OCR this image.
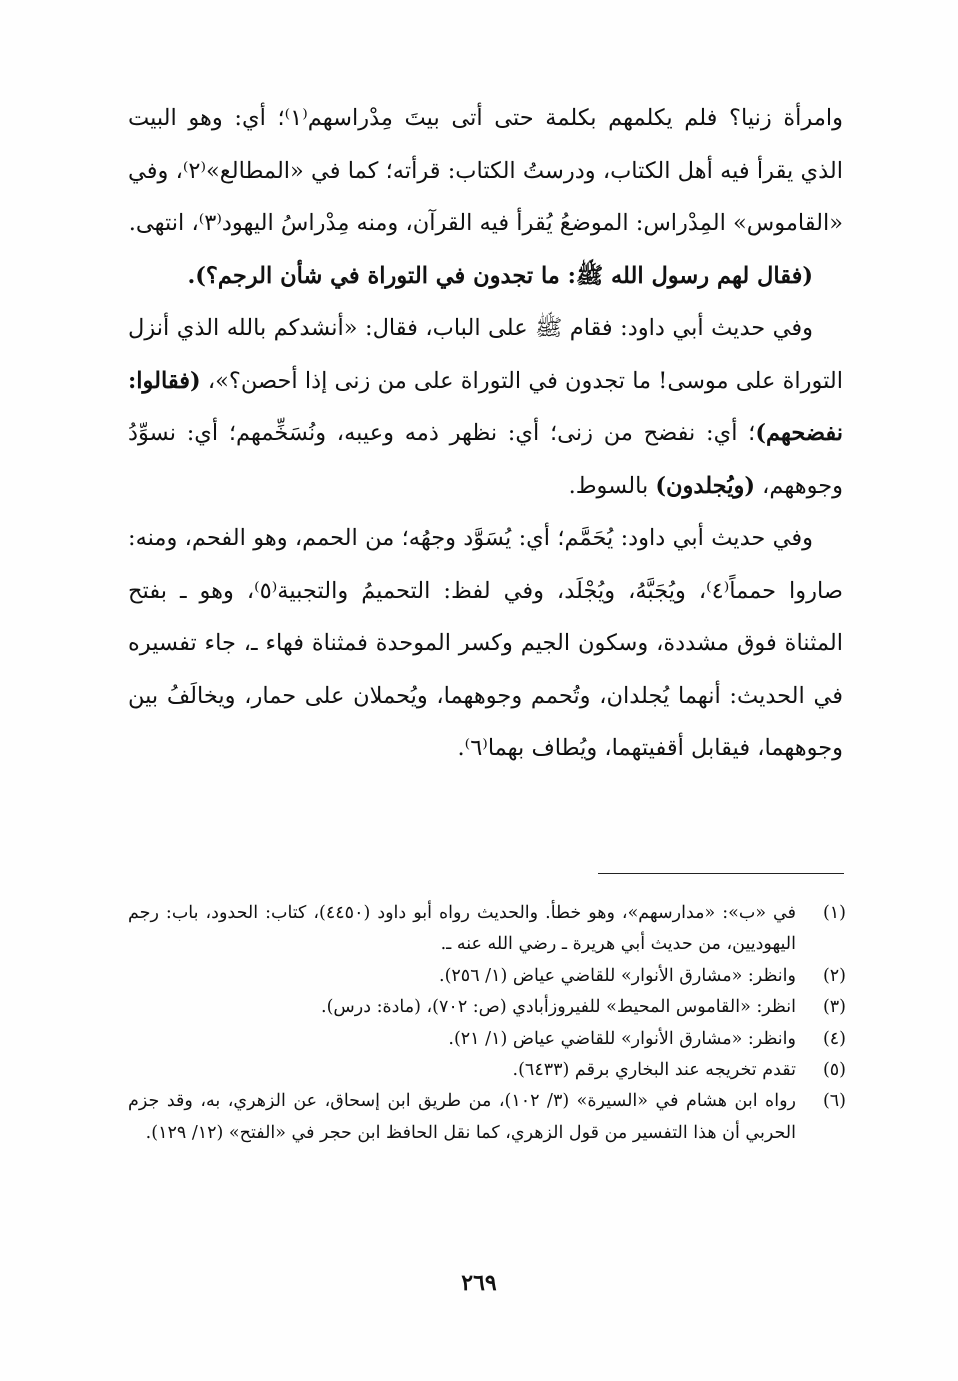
وامرأة زنيا؟ فلم يكلمهم بكلمة حتى أتى بيتَ مِدْراسهم⁽١⁾؛ أي: وهو البيت الذي يقرأ فيه أهل الكتاب، ودرستُ الكتاب: قرأته؛ كما في «المطالع»⁽٢⁾، وفي «القاموس» المِدْراس: الموضعُ يُقرأ فيه القرآن، ومنه مِدْراسُ اليهود⁽٣⁾، انتهى.

(فقال لهم رسول الله ﷺ: ما تجدون في التوراة في شأن الرجم؟).

وفي حديث أبي داود: فقام ﷺ على الباب، فقال: «أنشدكم بالله الذي أنزل التوراة على موسى! ما تجدون في التوراة على من زنى إذا أحصن؟»، (فقالوا: نفضحهم)؛ أي: نفضح من زنى؛ أي: نظهر ذمه وعيبه، ونُسَخِّمهم؛ أي: نسوِّدُ وجوههم، (ويُجلدون) بالسوط.

وفي حديث أبي داود: يُحَمَّم؛ أي: يُسَوَّد وجهُه؛ من الحمم، وهو الفحم، ومنه: صاروا حمماً⁽٤⁾، ويُجَبَّهُ، ويُجْلَد، وفي لفظ: التحميمُ والتجبية⁽٥⁾، وهو ـ بفتح المثناة فوق مشددة، وسكون الجيم وكسر الموحدة فمثناة فهاء ـ، جاء تفسيره في الحديث: أنهما يُجلدان، وتُحمم وجوههما، ويُحملان على حمار، ويخالَفُ بين وجوههما، فيقابل أقفيتهما، ويُطاف بهما⁽٦⁾.

(١)
في «ب»: «مدارسهم»، وهو خطأ. والحديث رواه أبو داود (٤٤٥٠)، كتاب: الحدود، باب: رجم اليهوديين، من حديث أبي هريرة ـ رضي الله عنه ـ.
(٢)
وانظر: «مشارق الأنوار» للقاضي عياض (١/ ٢٥٦).
(٣)
انظر: «القاموس المحيط» للفيروزأبادي (ص: ٧٠٢)، (مادة: درس).
(٤)
وانظر: «مشارق الأنوار» للقاضي عياض (١/ ٢١).
(٥)
تقدم تخريجه عند البخاري برقم (٦٤٣٣).
(٦)
رواه ابن هشام في «السيرة» (٣/ ١٠٢)، من طريق ابن إسحاق، عن الزهري، به، وقد جزم الحربي أن هذا التفسير من قول الزهري، كما نقل الحافظ ابن حجر في «الفتح» (١٢/ ١٢٩).
٢٦٩
